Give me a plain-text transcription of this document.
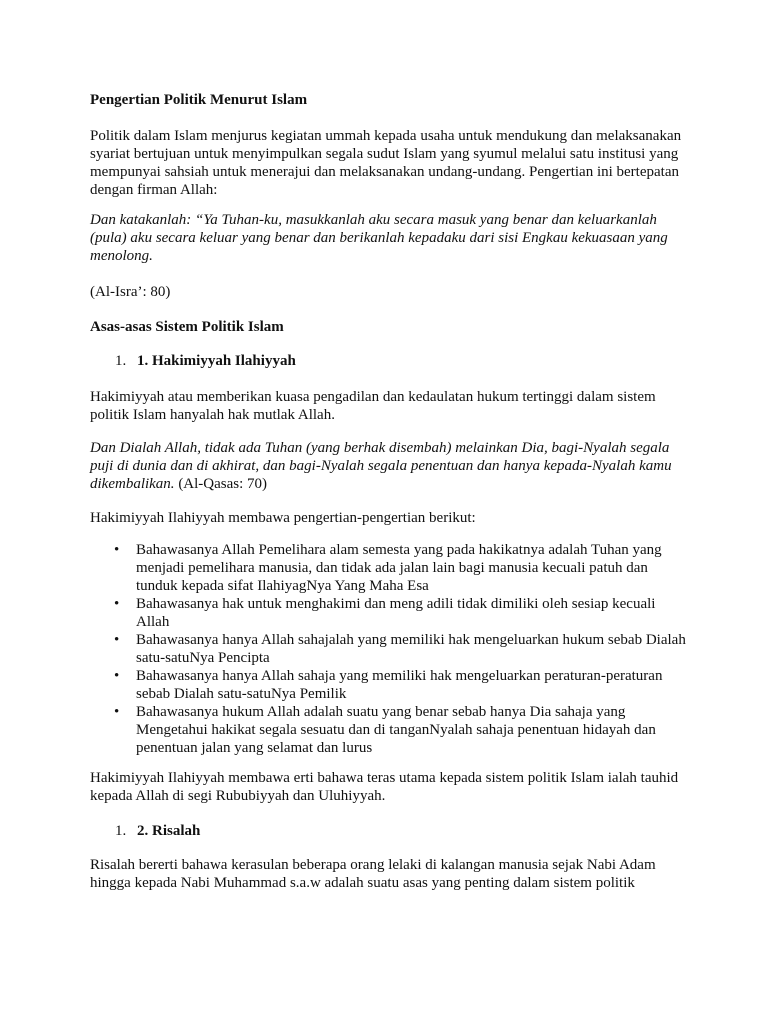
Pengertian Politik Menurut Islam

Politik dalam Islam menjurus kegiatan ummah kepada usaha untuk mendukung dan melaksanakan syariat bertujuan untuk menyimpulkan segala sudut Islam yang syumul melalui satu institusi yang mempunyai sahsiah untuk menerajui dan melaksanakan undang-undang. Pengertian ini bertepatan dengan firman Allah:

Dan katakanlah: “Ya Tuhan-ku, masukkanlah aku secara masuk yang benar dan keluarkanlah (pula) aku secara keluar yang benar dan berikanlah kepadaku dari sisi Engkau kekuasaan yang menolong.

(Al-Isra’: 80)

Asas-asas Sistem Politik Islam

1. 1. Hakimiyyah Ilahiyyah

Hakimiyyah atau memberikan kuasa pengadilan dan kedaulatan hukum tertinggi dalam sistem politik Islam hanyalah hak mutlak Allah.

Dan Dialah Allah, tidak ada Tuhan (yang berhak disembah) melainkan Dia, bagi-Nyalah segala puji di dunia dan di akhirat, dan bagi-Nyalah segala penentuan dan hanya kepada-Nyalah kamu dikembalikan. (Al-Qasas: 70)

Hakimiyyah Ilahiyyah membawa pengertian-pengertian berikut:

• Bahawasanya Allah Pemelihara alam semesta yang pada hakikatnya adalah Tuhan yang menjadi pemelihara manusia, dan tidak ada jalan lain bagi manusia kecuali patuh dan tunduk kepada sifat IlahiyagNya Yang Maha Esa
• Bahawasanya hak untuk menghakimi dan meng adili tidak dimiliki oleh sesiap kecuali Allah
• Bahawasanya hanya Allah sahajalah yang memiliki hak mengeluarkan hukum sebab Dialah satu-satuNya Pencipta
• Bahawasanya hanya Allah sahaja yang memiliki hak mengeluarkan peraturan-peraturan sebab Dialah satu-satuNya Pemilik
• Bahawasanya hukum Allah adalah suatu yang benar sebab hanya Dia sahaja yang Mengetahui hakikat segala sesuatu dan di tanganNyalah sahaja penentuan hidayah dan penentuan jalan yang selamat dan lurus

Hakimiyyah Ilahiyyah membawa erti bahawa teras utama kepada sistem politik Islam ialah tauhid kepada Allah di segi Rububiyyah dan Uluhiyyah.

1. 2. Risalah

Risalah bererti bahawa kerasulan beberapa orang lelaki di kalangan manusia sejak Nabi Adam hingga kepada Nabi Muhammad s.a.w adalah suatu asas yang penting dalam sistem politik
